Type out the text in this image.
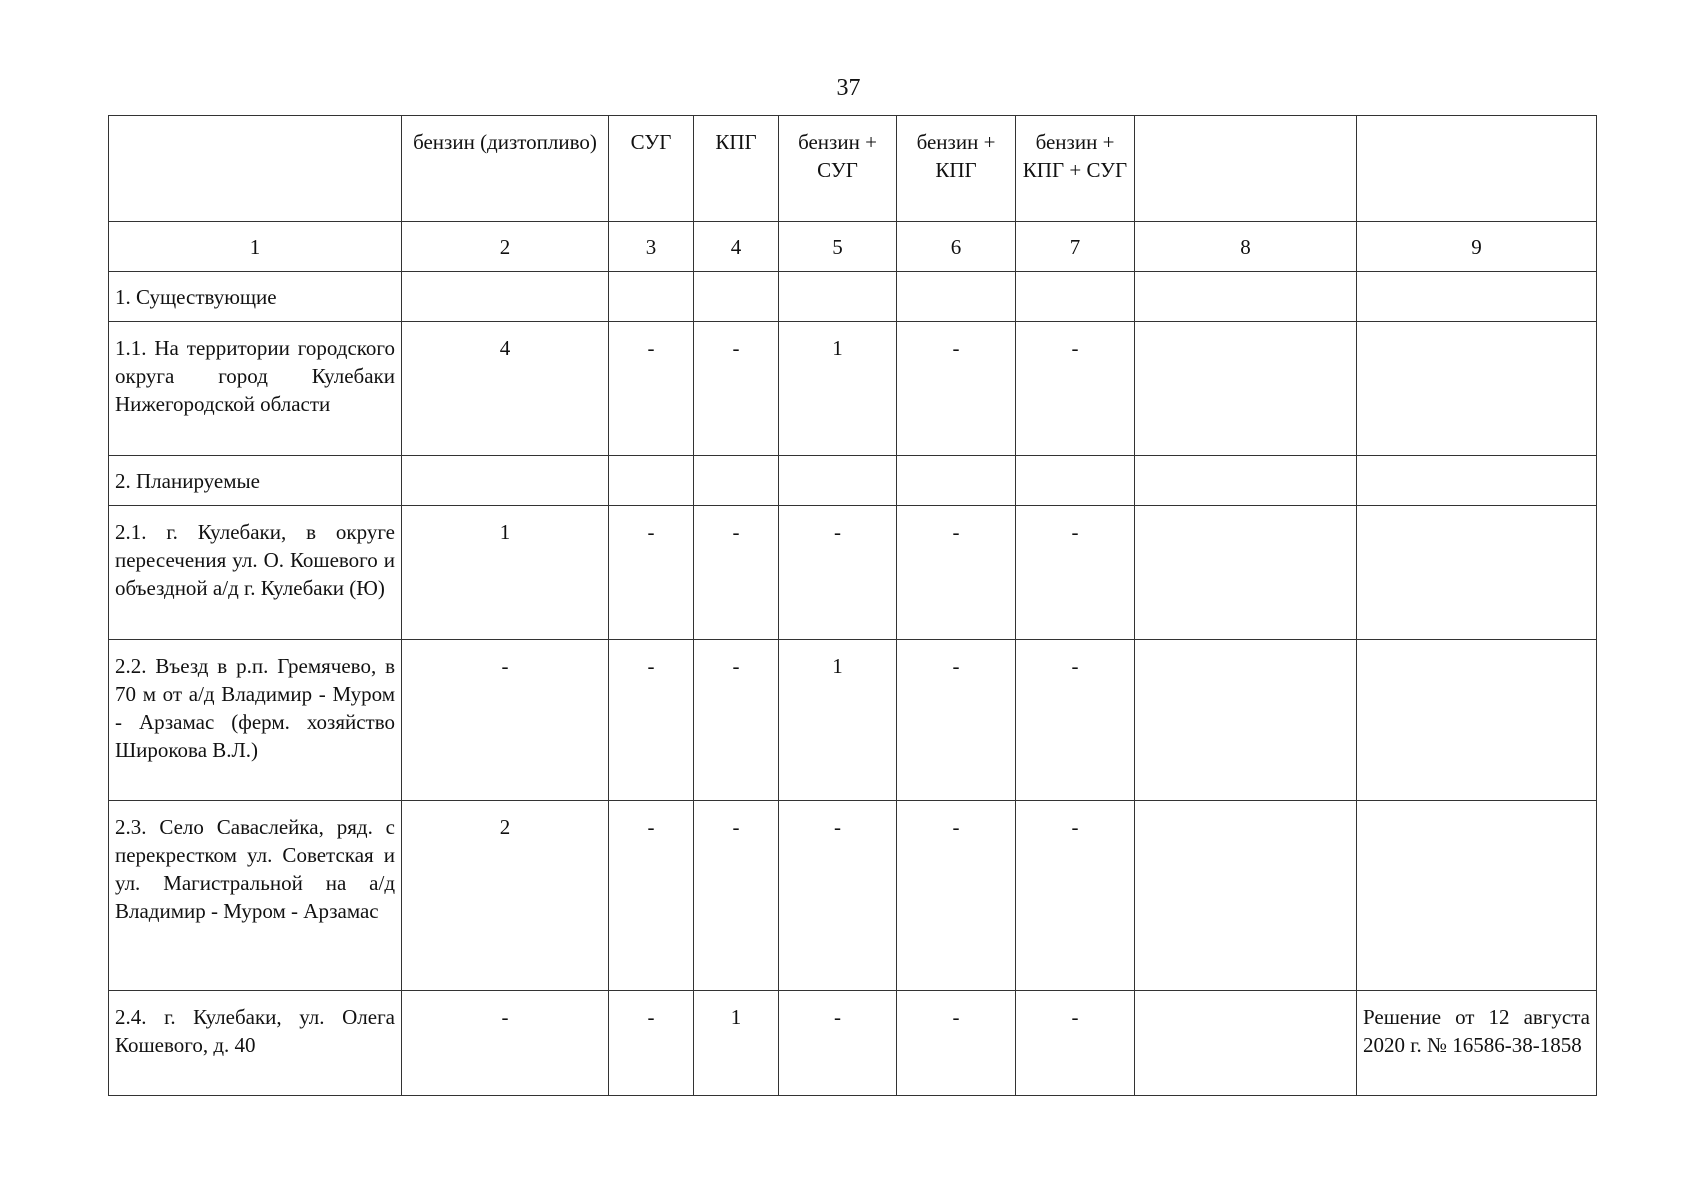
37
	бензин (дизтопливо)	СУГ	КПГ	бензин + СУГ	бензин + КПГ	бензин + КПГ + СУГ		
1	2	3	4	5	6	7	8	9
1. Существующие								
1.1. На территории городского округа город Кулебаки Нижегородской области	4	-	-	1	-	-		
2. Планируемые								
2.1. г. Кулебаки, в округе пересечения ул. О. Кошевого и объездной а/д г. Кулебаки (Ю)	1	-	-	-	-	-		
2.2. Въезд в р.п. Гремячево, в 70 м от а/д Владимир - Муром - Арзамас (ферм. хозяйство Широкова В.Л.)	-	-	-	1	-	-		
2.3. Село Саваслейка, ряд. с перекрестком ул. Советская и ул. Магистральной на а/д Владимир - Муром - Арзамас	2	-	-	-	-	-		
2.4. г. Кулебаки, ул. Олега Кошевого, д. 40	-	-	1	-	-	-		Решение от 12 августа 2020 г. № 16586-38-1858
